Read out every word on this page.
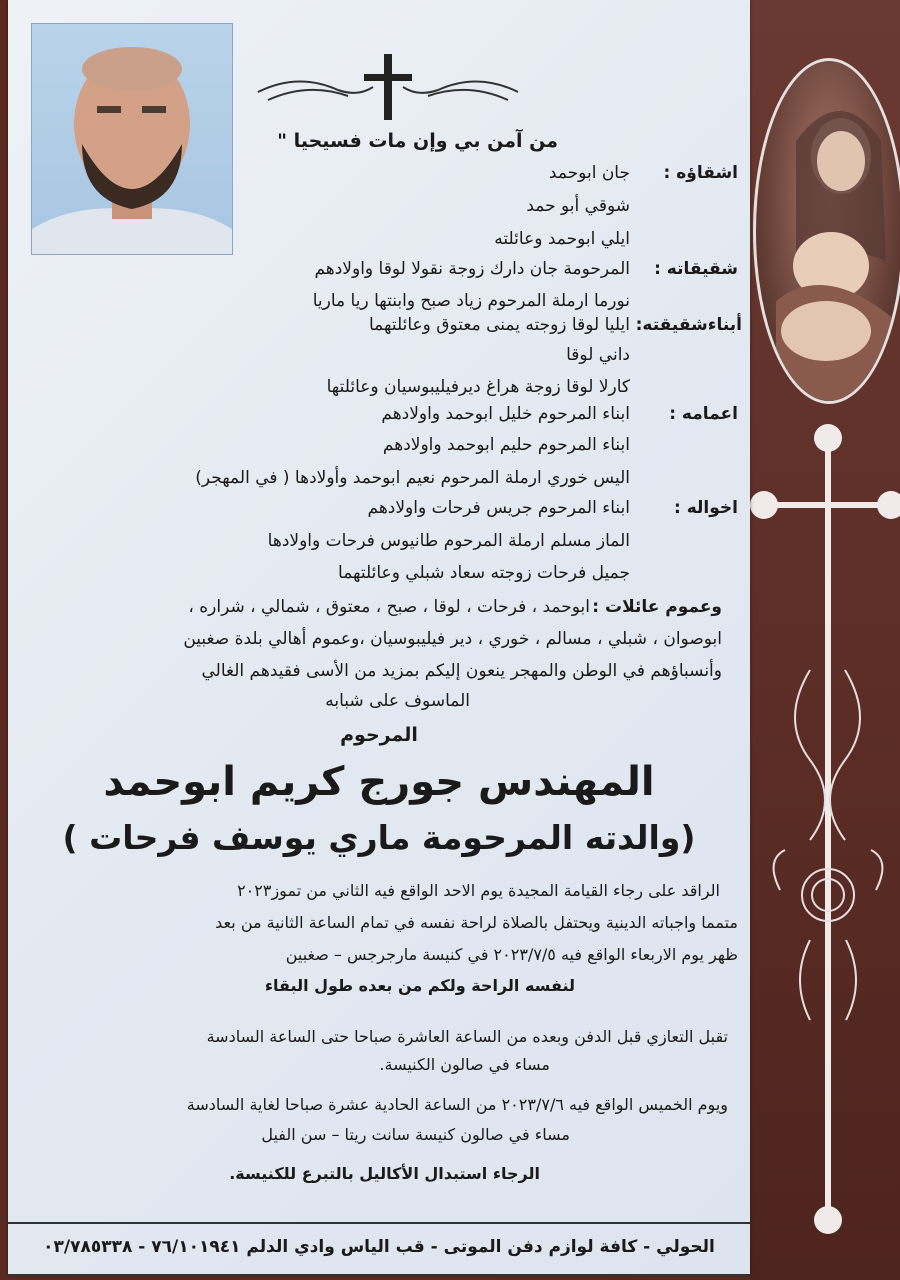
من آمن بي وإن مات فسيحيا "
اشقاؤه :
جان ابوحمد
شوقي أبو حمد
ايلي ابوحمد وعائلته
شقيقاته :
المرحومة جان دارك زوجة نقولا لوقا واولادهم
نورما ارملة المرحوم زياد صبح وابنتها ريا ماريا
أبناءشقيقته:
ايليا لوقا زوجته يمنى معتوق وعائلتهما
داني لوقا
كارلا لوقا زوجة هراغ ديرفيليبوسيان وعائلتها
اعمامه :
ابناء المرحوم خليل ابوحمد واولادهم
ابناء المرحوم حليم ابوحمد واولادهم
اليس خوري ارملة المرحوم نعيم ابوحمد وأولادها ( في المهجر)
اخواله :
ابناء المرحوم جريس فرحات واولادهم
الماز مسلم ارملة المرحوم طانيوس فرحات واولادها
جميل فرحات زوجته سعاد شبلي وعائلتهما
وعموم عائلات :
ابوحمد ، فرحات ، لوقا ، صبح ، معتوق ، شمالي ، شراره ،
ابوصوان ، شبلي ، مسالم ، خوري ، دير فيليبوسيان ،وعموم أهالي بلدة صغبين
وأنسباؤهم في الوطن والمهجر ينعون إليكم بمزيد من الأسى فقيدهم الغالي
الماسوف على شبابه
المرحوم
المهندس جورج كريم ابوحمد
( والدته المرحومة ماري يوسف فرحات)
الراقد على رجاء القيامة المجيدة يوم الاحد الواقع فيه الثاني من تموز٢٠٢٣
متمما واجباته الدينية ويحتفل بالصلاة لراحة نفسه في تمام الساعة الثانية من بعد
ظهر يوم الاربعاء الواقع فيه ٢٠٢٣/٧/٥ في كنيسة مارجرجس – صغبين
لنفسه الراحة ولكم من بعده طول البقاء
تقبل التعازي قبل الدفن وبعده من الساعة العاشرة صباحا حتى الساعة السادسة
مساء في صالون الكنيسة.
ويوم الخميس الواقع فيه ٢٠٢٣/٧/٦ من الساعة الحادية عشرة صباحا لغاية السادسة
مساء في صالون كنيسة سانت ريتا – سن الفيل
الرجاء استبدال الأكاليل بالتبرع للكنيسة.
الحولي - كافة لوازم دفن الموتى - قب الياس وادي الدلم ٧٦/١٠١٩٤١ - ٠٣/٧٨٥٣٣٨
